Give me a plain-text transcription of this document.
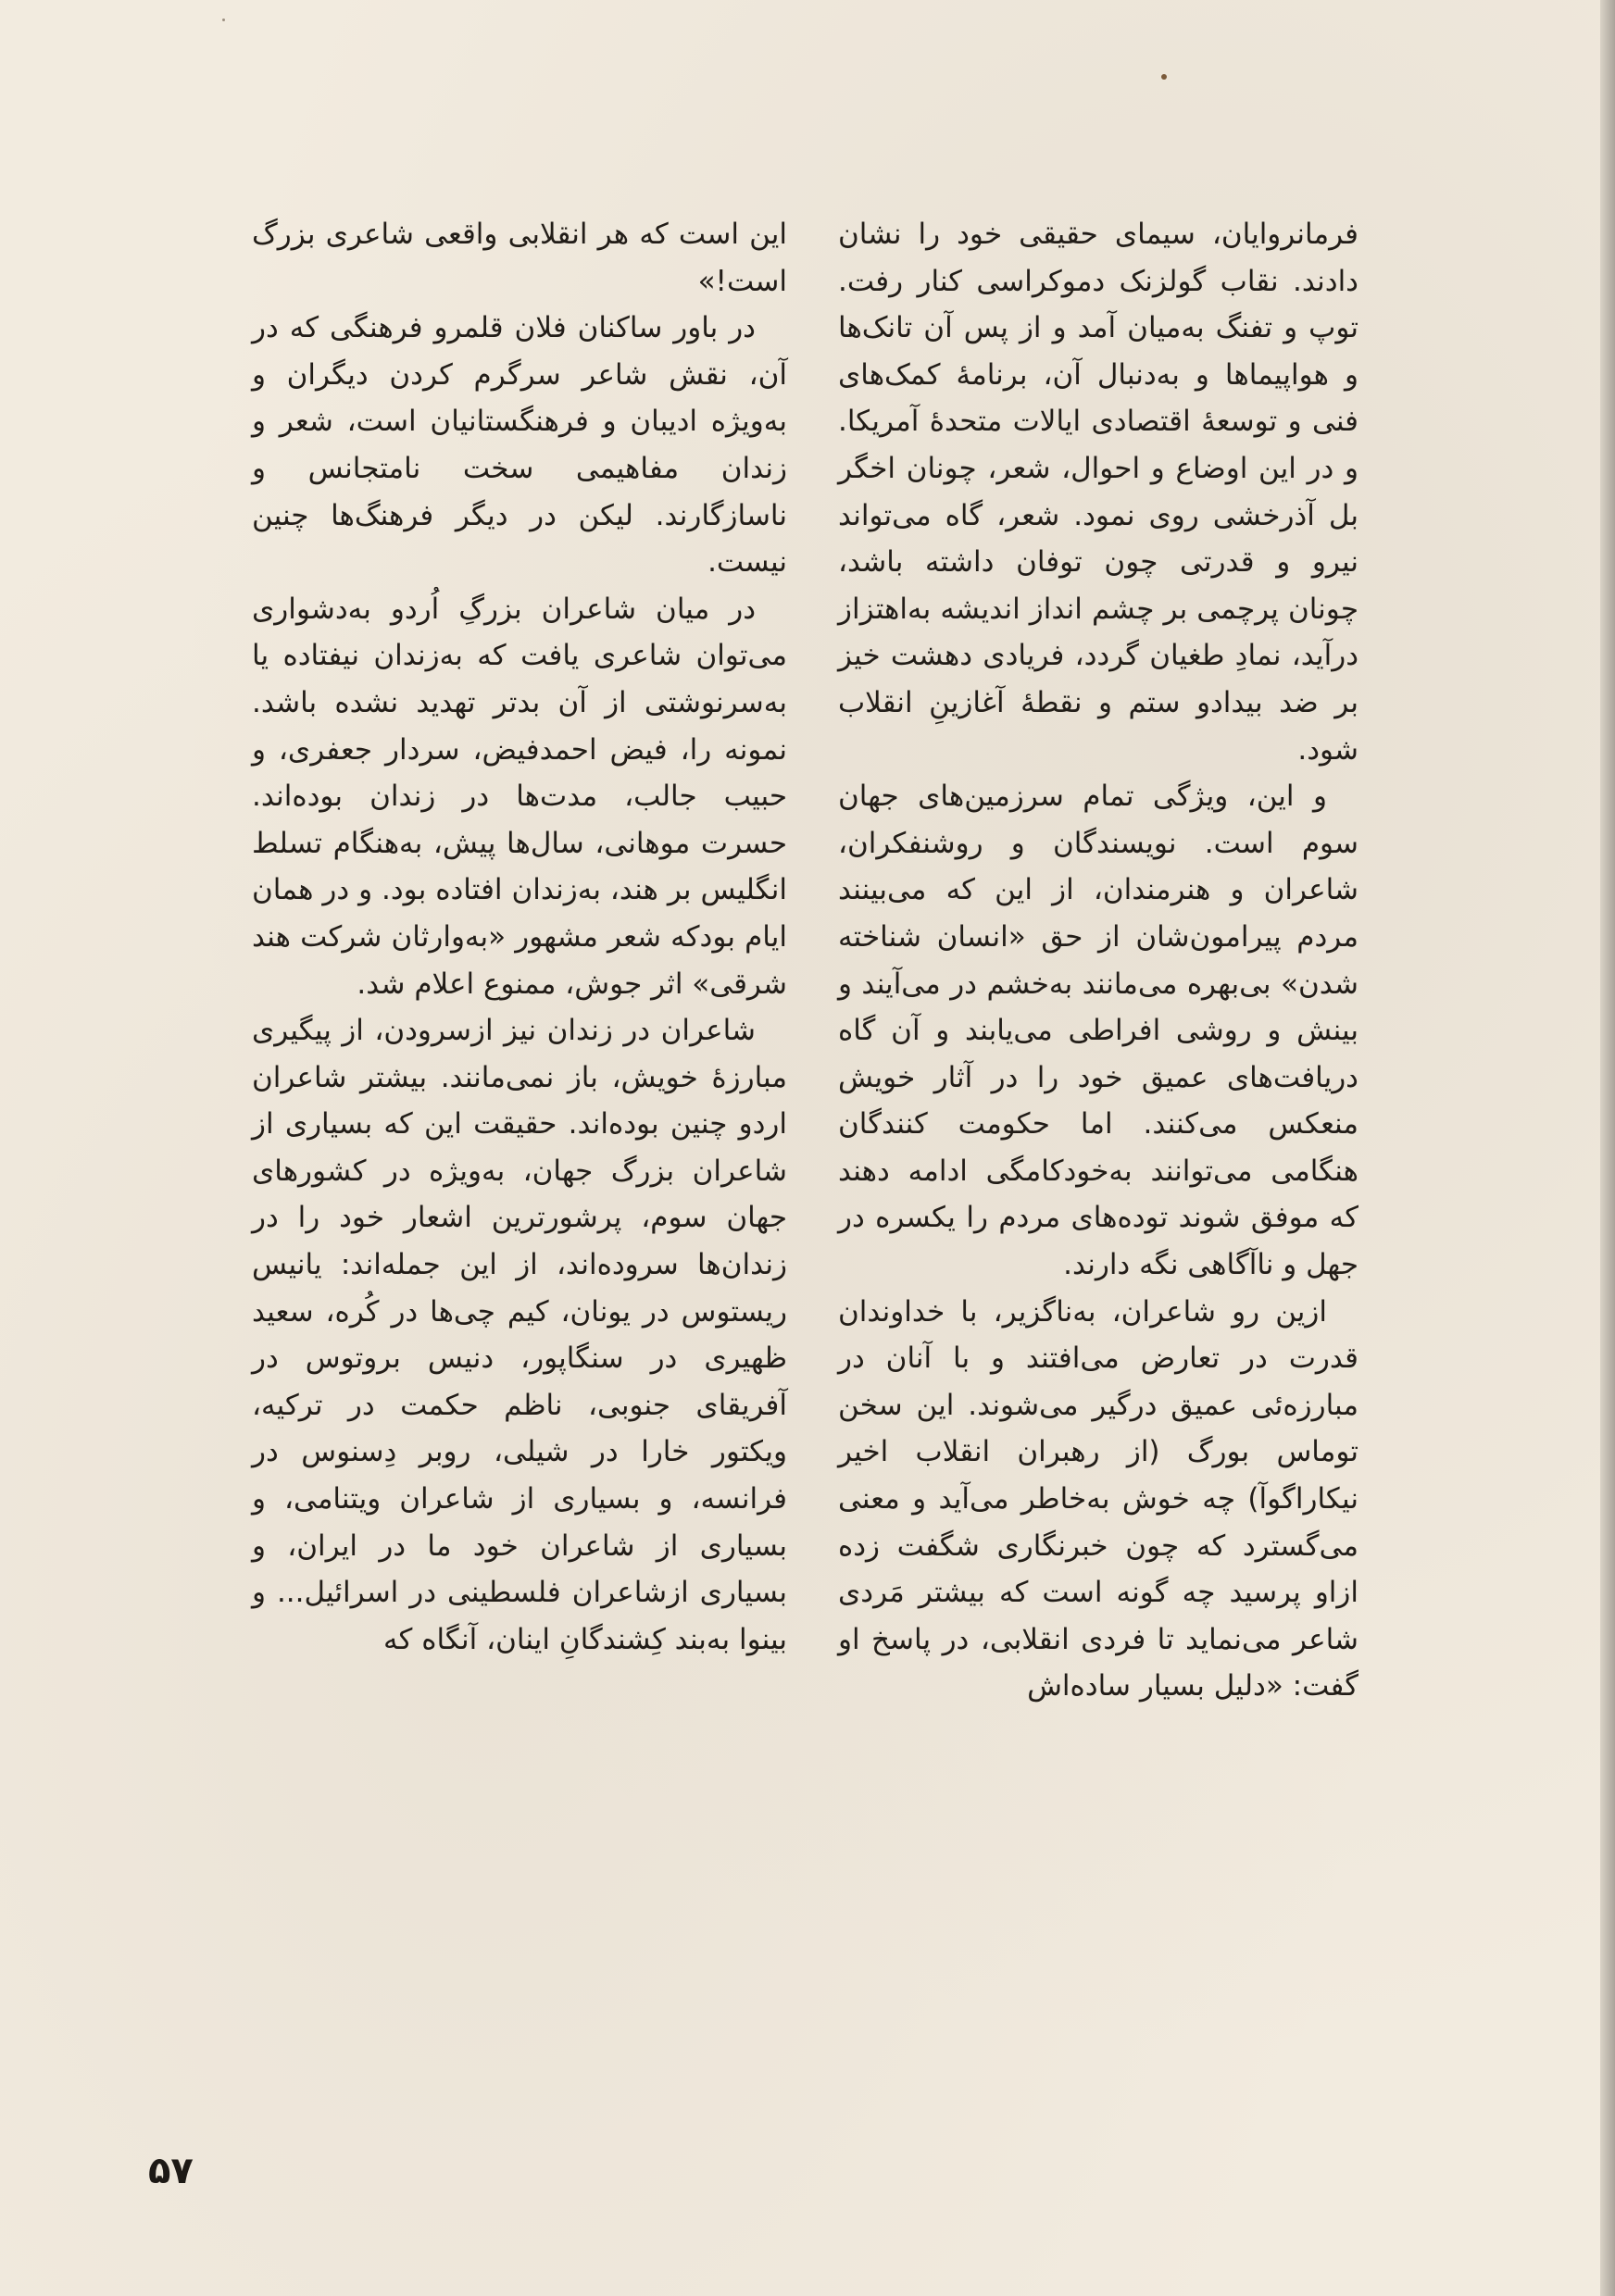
فرمانروایان، سیمای حقیقی خود را نشان دادند. نقاب گولزنک دموکراسی کنار رفت. توپ و تفنگ به‌میان آمد و از پس آن تانک‌ها و هواپیماها و به‌دنبال آن، برنامهٔ کمک‌های فنی و توسعهٔ اقتصادی ایالات متحدهٔ آمریکا. و در این اوضاع و احوال، شعر، چونان اخگر بل آذرخشی روی نمود. شعر، گاه می‌تواند نیرو و قدرتی چون توفان داشته باشد، چونان پرچمی بر چشم انداز اندیشه به‌اهتزاز درآید، نمادِ طغیان گردد، فریادی دهشت خیز بر ضد بیدادو ستم و نقطهٔ آغازینِ انقلاب شود.

و این، ویژگی تمام سرزمین‌های جهان سوم است. نویسندگان و روشنفکران، شاعران و هنرمندان، از این که می‌بینند مردم پیرامون‌شان از حق «انسان شناخته شدن» بی‌بهره می‌مانند به‌خشم در می‌آیند و بینش و روشی افراطی می‌یابند و آن گاه دریافت‌های عمیق خود را در آثار خویش منعکس می‌کنند. اما حکومت کنندگان هنگامی می‌توانند به‌خودکامگی ادامه دهند که موفق شوند توده‌های مردم را یکسره در جهل و ناآگاهی نگه دارند.

ازین رو شاعران، به‌ناگزیر، با خداوندان قدرت در تعارض می‌افتند و با آنان در مبارزه‌ئی عمیق درگیر می‌شوند. این سخن توماس بورگ (از رهبران انقلاب اخیر نیکاراگوآ) چه خوش به‌خاطر می‌آید و معنی می‌گسترد که چون خبرنگاری شگفت زده ازاو پرسید چه گونه است که بیشتر مَردی شاعر می‌نماید تا فردی انقلابی، در پاسخ او گفت: «دلیل بسیار ساده‌اش

این است که هر انقلابی واقعی شاعری بزرگ است!»

در باور ساکنان فلان قلمرو فرهنگی که در آن، نقش شاعر سرگرم کردن دیگران و به‌ویژه ادیبان و فرهنگستانیان است، شعر و زندان مفاهیمی سخت نامتجانس و ناسازگارند. لیکن در دیگر فرهنگ‌ها چنین نیست.

در میان شاعران بزرگِ اُردو به‌دشواری می‌توان شاعری یافت که به‌زندان نیفتاده یا به‌سرنوشتی از آن بدتر تهدید نشده باشد. نمونه را، فیض احمدفیض، سردار جعفری، و حبیب جالب، مدت‌ها در زندان بوده‌اند. حسرت موهانی، سال‌ها پیش، به‌هنگام تسلط انگلیس بر هند، به‌زندان افتاده بود. و در همان ایام بودکه شعر مشهور «به‌وارثان شرکت هند شرقی» اثر جوش، ممنوع اعلام شد.

شاعران در زندان نیز ازسرودن، از پیگیری مبارزهٔ خویش، باز نمی‌مانند. بیشتر شاعران اردو چنین بوده‌اند. حقیقت این که بسیاری از شاعران بزرگ جهان، به‌ویژه در کشورهای جهان سوم، پرشورترین اشعار خود را در زندان‌ها سروده‌اند، از این جمله‌اند: یانیس ریستوس در یونان، کیم چی‌ها در کُره، سعید ظهیری در سنگاپور، دنیس بروتوس در آفریقای جنوبی، ناظم حکمت در ترکیه، ویکتور خارا در شیلی، روبر دِسنوس در فرانسه، و بسیاری از شاعران ویتنامی، و بسیاری از شاعران خود ما در ایران، و بسیاری ازشاعران فلسطینی در اسرائیل... و بینوا به‌بند کِشندگانِ اینان، آنگاه که

۵۷
